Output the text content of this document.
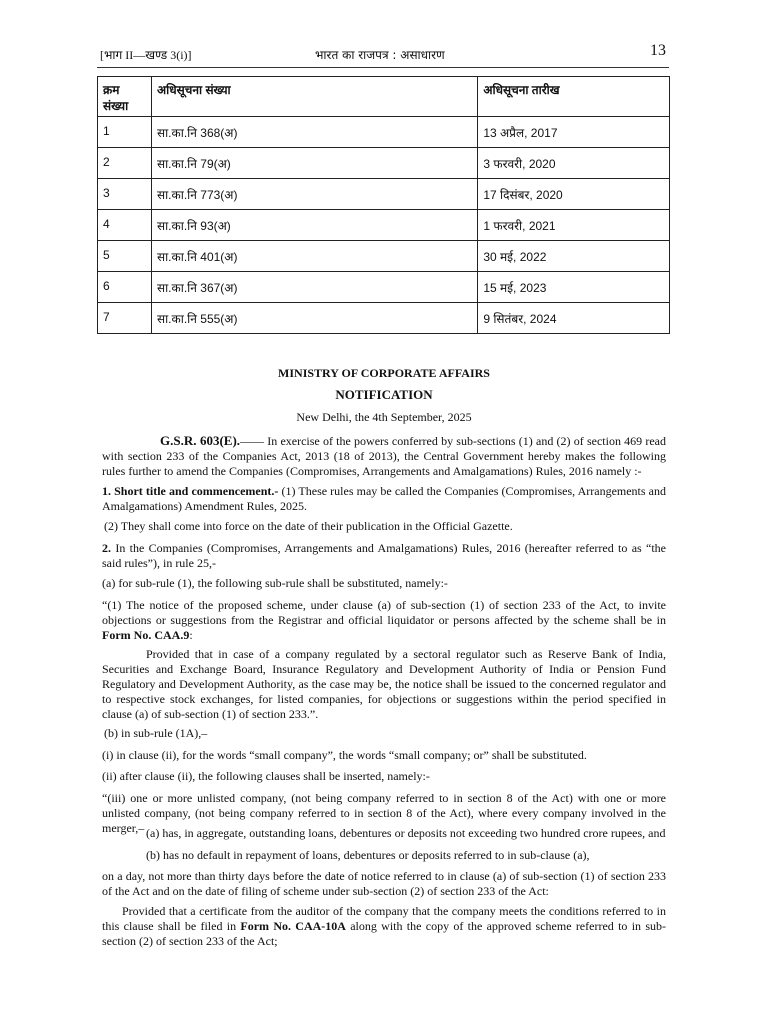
[भाग II—खण्ड 3(i)]	भारत का राजपत्र : असाधारण	13
क्रम संख्या	अधिसूचना संख्या	अधिसूचना तारीख
1	सा.का.नि 368(अ)	13 अप्रैल, 2017
2	सा.का.नि 79(अ)	3 फरवरी, 2020
3	सा.का.नि 773(अ)	17 दिसंबर, 2020
4	सा.का.नि 93(अ)	1 फरवरी, 2021
5	सा.का.नि 401(अ)	30 मई, 2022
6	सा.का.नि 367(अ)	15 मई, 2023
7	सा.का.नि 555(अ)	9 सितंबर, 2024
MINISTRY OF CORPORATE AFFAIRS
NOTIFICATION
New Delhi, the 4th September, 2025
G.S.R. 603(E).—— In exercise of the powers conferred by sub-sections (1) and (2) of section 469 read with section 233 of the Companies Act, 2013 (18 of 2013), the Central Government hereby makes the following rules further to amend the Companies (Compromises, Arrangements and Amalgamations) Rules, 2016 namely :-
1. Short title and commencement.- (1) These rules may be called the Companies (Compromises, Arrangements and Amalgamations) Amendment Rules, 2025.
(2) They shall come into force on the date of their publication in the Official Gazette.
2. In the Companies (Compromises, Arrangements and Amalgamations) Rules, 2016 (hereafter referred to as “the said rules”), in rule 25,-
(a) for sub-rule (1), the following sub-rule shall be substituted, namely:-
“(1) The notice of the proposed scheme, under clause (a) of sub-section (1) of section 233 of the Act, to invite objections or suggestions from the Registrar and official liquidator or persons affected by the scheme shall be in Form No. CAA.9:
Provided that in case of a company regulated by a sectoral regulator such as Reserve Bank of India, Securities and Exchange Board, Insurance Regulatory and Development Authority of India or Pension Fund Regulatory and Development Authority, as the case may be, the notice shall be issued to the concerned regulator and to respective stock exchanges, for listed companies, for objections or suggestions within the period specified in clause (a) of sub-section (1) of section 233.”.
(b) in sub-rule (1A),–
(i) in clause (ii), for the words “small company”, the words “small company; or” shall be substituted.
(ii) after clause (ii), the following clauses shall be inserted, namely:-
“(iii) one or more unlisted company, (not being company referred to in section 8 of the Act) with one or more unlisted company, (not being company referred to in section 8 of the Act), where every company involved in the merger,– (a) has, in aggregate, outstanding loans, debentures or deposits not exceeding two hundred crore rupees, and
(b) has no default in repayment of loans, debentures or deposits referred to in sub-clause (a),
on a day, not more than thirty days before the date of notice referred to in clause (a) of sub-section (1) of section 233 of the Act and on the date of filing of scheme under sub-section (2) of section 233 of the Act:
Provided that a certificate from the auditor of the company that the company meets the conditions referred to in this clause shall be filed in Form No. CAA-10A along with the copy of the approved scheme referred to in sub-section (2) of section 233 of the Act;
